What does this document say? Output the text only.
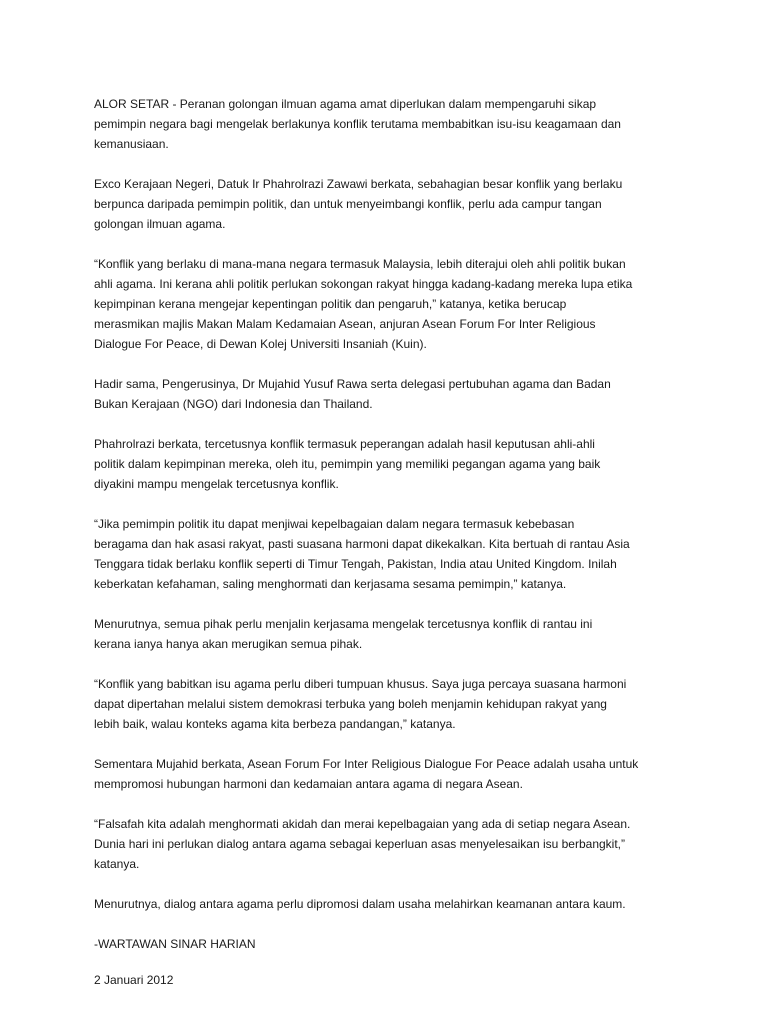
ALOR SETAR - Peranan golongan ilmuan agama amat diperlukan dalam mempengaruhi sikap
pemimpin negara bagi mengelak berlakunya konflik terutama membabitkan isu-isu keagamaan dan
kemanusiaan.

Exco Kerajaan Negeri, Datuk Ir Phahrolrazi Zawawi berkata, sebahagian besar konflik yang berlaku
berpunca daripada pemimpin politik, dan untuk menyeimbangi konflik, perlu ada campur tangan
golongan ilmuan agama.

“Konflik yang berlaku di mana-mana negara termasuk Malaysia, lebih diterajui oleh ahli politik bukan
ahli agama. Ini kerana ahli politik perlukan sokongan rakyat hingga kadang-kadang mereka lupa etika
kepimpinan kerana mengejar kepentingan politik dan pengaruh,” katanya, ketika berucap
merasmikan majlis Makan Malam Kedamaian Asean, anjuran Asean Forum For Inter Religious
Dialogue For Peace, di Dewan Kolej Universiti Insaniah (Kuin).

Hadir sama, Pengerusinya, Dr Mujahid Yusuf Rawa serta delegasi pertubuhan agama dan Badan
Bukan Kerajaan (NGO) dari Indonesia dan Thailand.

Phahrolrazi berkata, tercetusnya konflik termasuk peperangan adalah hasil keputusan ahli-ahli
politik dalam kepimpinan mereka, oleh itu, pemimpin yang memiliki pegangan agama yang baik
diyakini mampu mengelak tercetusnya konflik.

“Jika pemimpin politik itu dapat menjiwai kepelbagaian dalam negara termasuk kebebasan
beragama dan hak asasi rakyat, pasti suasana harmoni dapat dikekalkan. Kita bertuah di rantau Asia
Tenggara tidak berlaku konflik seperti di Timur Tengah, Pakistan, India atau United Kingdom. Inilah
keberkatan kefahaman, saling menghormati dan kerjasama sesama pemimpin,” katanya.

Menurutnya, semua pihak perlu menjalin kerjasama mengelak tercetusnya konflik di rantau ini
kerana ianya hanya akan merugikan semua pihak.

“Konflik yang babitkan isu agama perlu diberi tumpuan khusus. Saya juga percaya suasana harmoni
dapat dipertahan melalui sistem demokrasi terbuka yang boleh menjamin kehidupan rakyat yang
lebih baik, walau konteks agama kita berbeza pandangan,” katanya.

Sementara Mujahid berkata, Asean Forum For Inter Religious Dialogue For Peace adalah usaha untuk
mempromosi hubungan harmoni dan kedamaian antara agama di negara Asean.

“Falsafah kita adalah menghormati akidah dan merai kepelbagaian yang ada di setiap negara Asean.
Dunia hari ini perlukan dialog antara agama sebagai keperluan asas menyelesaikan isu berbangkit,”
katanya.

Menurutnya, dialog antara agama perlu dipromosi dalam usaha melahirkan keamanan antara kaum.

-WARTAWAN SINAR HARIAN

2 Januari 2012
